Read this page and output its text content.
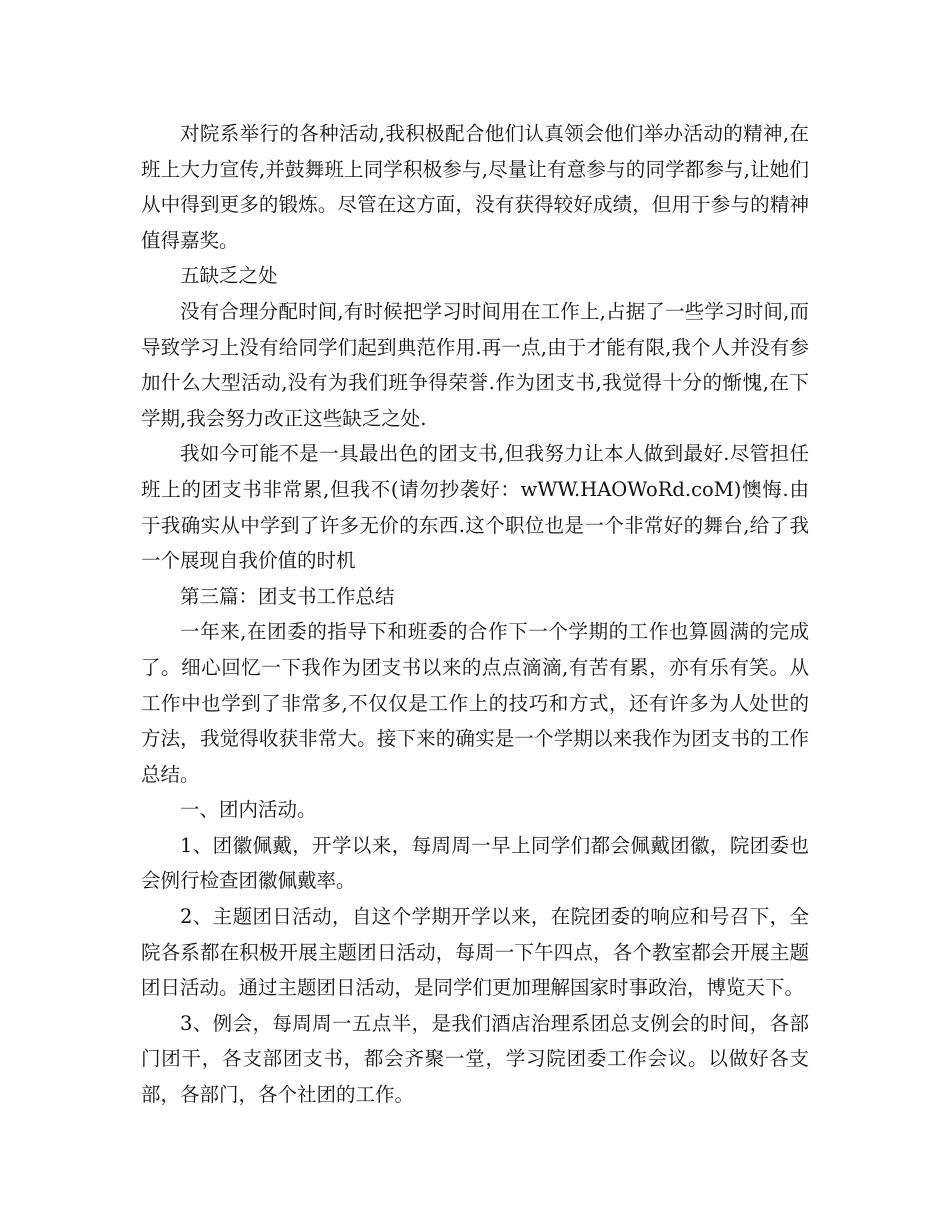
对院系举行的各种活动,我积极配合他们认真领会他们举办活动的精神,在班上大力宣传,并鼓舞班上同学积极参与,尽量让有意参与的同学都参与,让她们从中得到更多的锻炼。尽管在这方面，没有获得较好成绩，但用于参与的精神值得嘉奖。

五缺乏之处

没有合理分配时间,有时候把学习时间用在工作上,占据了一些学习时间,而导致学习上没有给同学们起到典范作用.再一点,由于才能有限,我个人并没有参加什么大型活动,没有为我们班争得荣誉.作为团支书,我觉得十分的惭愧,在下学期,我会努力改正这些缺乏之处.

我如今可能不是一具最出色的团支书,但我努力让本人做到最好.尽管担任班上的团支书非常累,但我不(请勿抄袭好：wWW.HAOWoRd.coM)懊悔.由于我确实从中学到了许多无价的东西.这个职位也是一个非常好的舞台,给了我一个展现自我价值的时机

第三篇：团支书工作总结

一年来,在团委的指导下和班委的合作下一个学期的工作也算圆满的完成了。细心回忆一下我作为团支书以来的点点滴滴,有苦有累，亦有乐有笑。从工作中也学到了非常多,不仅仅是工作上的技巧和方式，还有许多为人处世的方法，我觉得收获非常大。接下来的确实是一个学期以来我作为团支书的工作总结。

一、团内活动。

1、团徽佩戴，开学以来，每周周一早上同学们都会佩戴团徽，院团委也会例行检查团徽佩戴率。

2、主题团日活动，自这个学期开学以来，在院团委的响应和号召下，全院各系都在积极开展主题团日活动，每周一下午四点，各个教室都会开展主题团日活动。通过主题团日活动，是同学们更加理解国家时事政治，博览天下。

3、例会，每周周一五点半，是我们酒店治理系团总支例会的时间，各部门团干，各支部团支书，都会齐聚一堂，学习院团委工作会议。以做好各支部，各部门，各个社团的工作。
